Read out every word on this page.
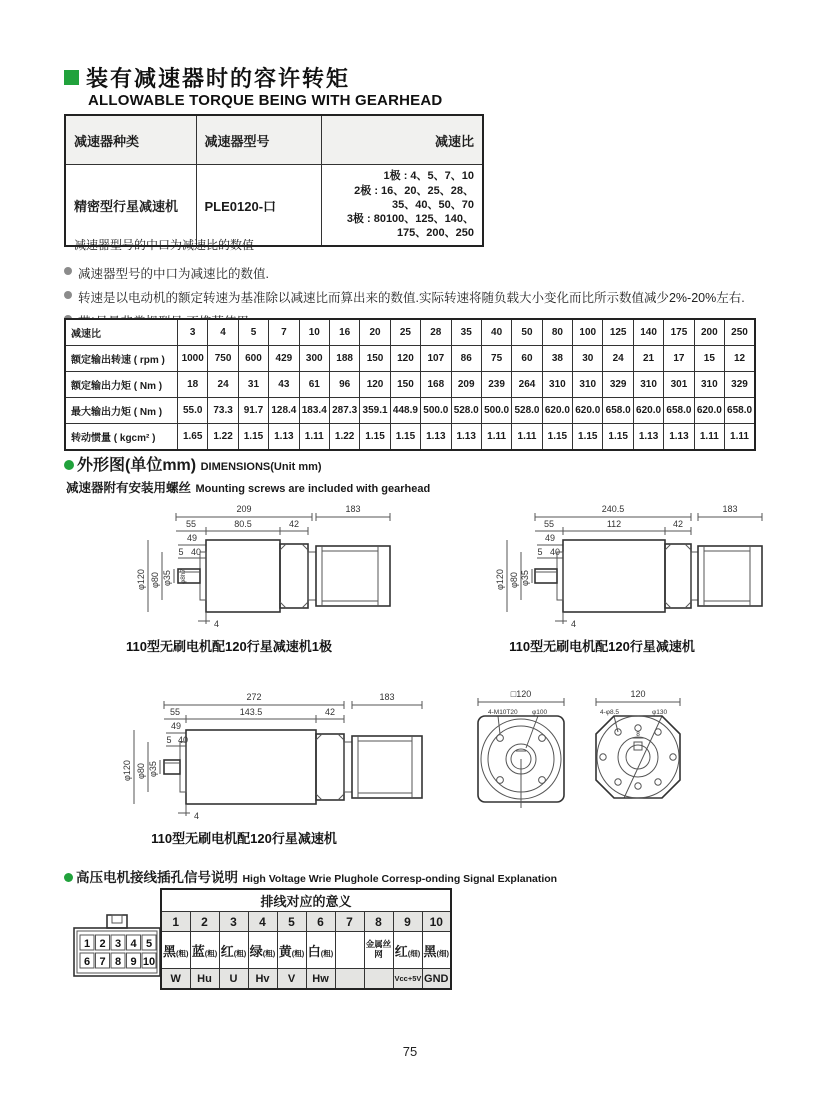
装有减速器时的容许转矩
ALLOWABLE TORQUE BEING WITH GEARHEAD
减速器种类	减速器型号	减速比
精密型行星减速机	PLE0120-口	1极 : 4、5、7、10
2极 : 16、20、25、28、
35、40、50、70
3极 : 80100、125、140、
175、200、250
减速器型号的中口为减速比的数值
减速器型号的中口为减速比的数值.
转速是以电动机的额定转速为基准除以减速比而算出来的数值.实际转速将随负载大小变化而比所示数值减少2%-20%左右.
减速比	3	4	5	7	10	16	20	25	28	35	40	50	80	100	125	140	175	200	250
额定输出转速 ( rpm )	1000	750	600	429	300	188	150	120	107	86	75	60	38	30	24	21	17	15	12
额定输出力矩 ( Nm )	18	24	31	43	61	96	120	150	168	209	239	264	310	310	329	310	301	310	329
最大输出力矩 ( Nm )	55.0	73.3	91.7	128.4	183.4	287.3	359.1	448.9	500.0	528.0	500.0	528.0	620.0	620.0	658.0	620.0	658.0	620.0	658.0
转动惯量 ( kgcm² )	1.65	1.22	1.15	1.13	1.11	1.22	1.15	1.15	1.13	1.13	1.11	1.11	1.15	1.15	1.15	1.13	1.13	1.11	1.11
外形图(单位mm) DIMENSIONS(Unit mm)
减速器附有安装用螺丝 Mounting screws are included with gearhead
209	183
55	80.5	42
49
5 40
φ120 φ80 φ35 φ8h7
4
110型无刷电机配120行星减速机1极
240.5	183
55	112	42
49
5 40
φ120 φ80 φ35
4
110型无刷电机配120行星减速机
272	183
55	143.5	42
49
5 40
φ120 φ80 φ35
4
110型无刷电机配120行星减速机
□120
4-M10T20 φ100
120
4-φ8.5	φ130
8
高压电机接线插孔信号说明 High Voltage Wrie Plughole Corresp-onding Signal Explanation
1 2 3 4 5
6 7 8 9 10
排线对应的意义									
1	2	3	4	5	6	7	8	9	10
黑(粗)	蓝(粗)	红(粗)	绿(粗)	黄(粗)	白(粗)		金属丝网	红(细)	黑(细)
W	Hu	U	Hv	V	Hw			Vcc+5V	GND
75
